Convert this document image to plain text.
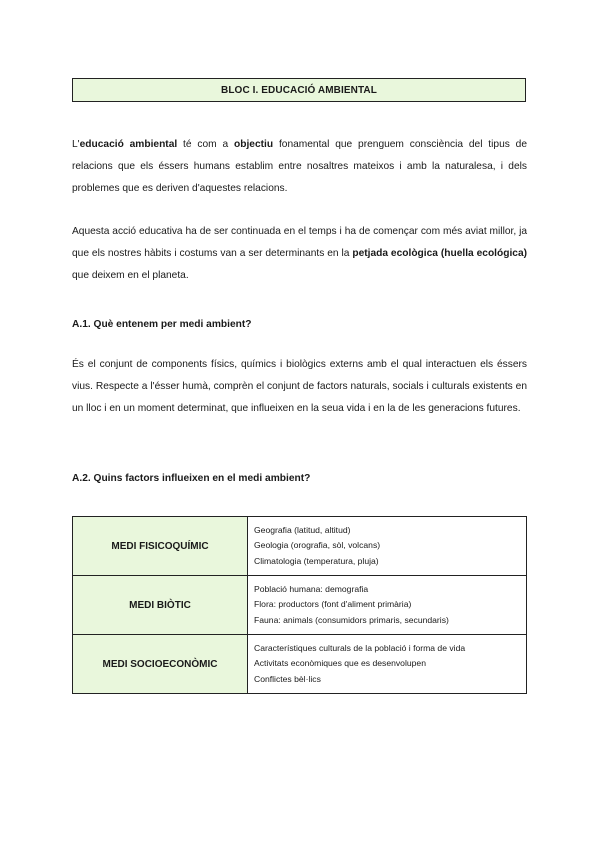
BLOC I. EDUCACIÓ AMBIENTAL

L'educació ambiental té com a objectiu fonamental que prenguem consciència del tipus de relacions que els éssers humans establim entre nosaltres mateixos i amb la naturalesa, i dels problemes que es deriven d'aquestes relacions.

Aquesta acció educativa ha de ser continuada en el temps i ha de començar com més aviat millor, ja que els nostres hàbits i costums van a ser determinants en la petjada ecològica (huella ecológica) que deixem en el planeta.

A.1. Què entenem per medi ambient?

És el conjunt de components físics, químics i biològics externs amb el qual interactuen els éssers vius. Respecte a l'ésser humà, comprèn el conjunt de factors naturals, socials i culturals existents en un lloc i en un moment determinat, que influeixen en la seua vida i en la de les generacions futures.

A.2. Quins factors influeixen en el medi ambient?

MEDI FISICOQUÍMIC	Geografia (latitud, altitud)
Geologia (orografia, sòl, volcans)
Climatologia (temperatura, pluja)

MEDI BIÒTIC	Població humana: demografia
Flora: productors (font d'aliment primària)
Fauna: animals (consumidors primaris, secundaris)

MEDI SOCIOECONÒMIC	Característiques culturals de la població i forma de vida
Activitats econòmiques que es desenvolupen
Conflictes bèl·lics
